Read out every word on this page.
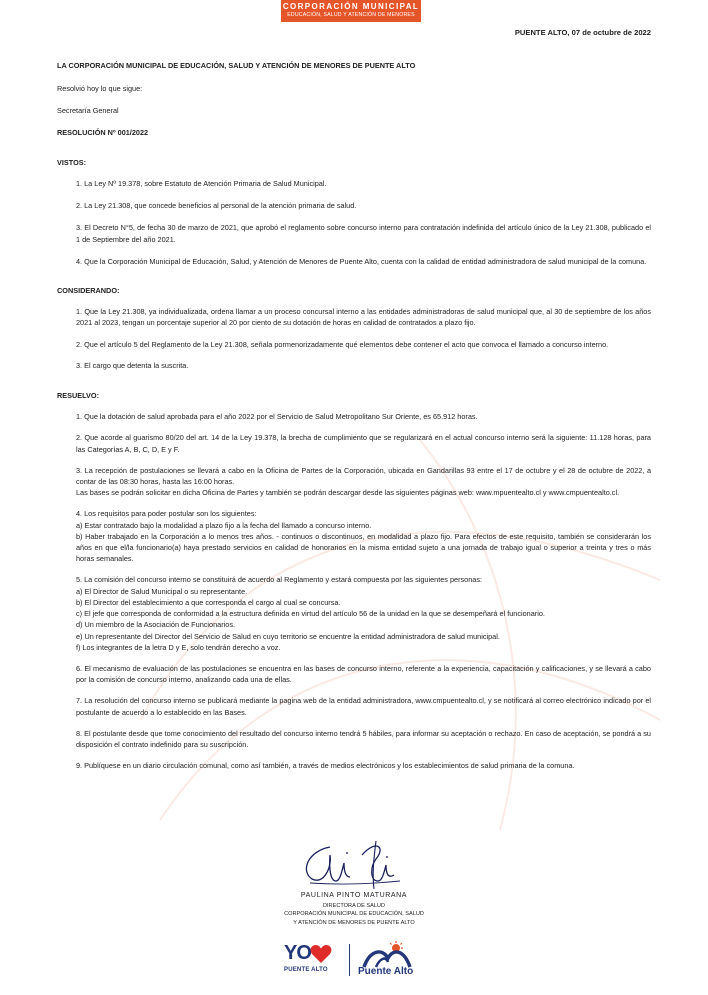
CORPORACIÓN MUNICIPAL
EDUCACIÓN, SALUD Y ATENCIÓN DE MENORES
PUENTE ALTO, 07 de octubre de 2022

LA CORPORACIÓN MUNICIPAL DE EDUCACIÓN, SALUD Y ATENCIÓN DE MENORES DE PUENTE ALTO

Resolvió hoy lo que sigue:

Secretaría General

RESOLUCIÓN Nº 001/2022

VISTOS:

1. La Ley Nº 19.378, sobre Estatuto de Atención Primaria de Salud Municipal.

2. La Ley 21.308, que concede beneficios al personal de la atención primaria de salud.

3. El Decreto N°5, de fecha 30 de marzo de 2021, que aprobó el reglamento sobre concurso interno para contratación indefinida del artículo único de la Ley 21.308, publicado el 1 de Septiembre del año 2021.

4. Que la Corporación Municipal de Educación, Salud, y Atención de Menores de Puente Alto, cuenta con la calidad de entidad administradora de salud municipal de la comuna.

CONSIDERANDO:

1. Que la Ley 21.308, ya individualizada, ordena llamar a un proceso concursal interno a las entidades administradoras de salud municipal que, al 30 de septiembre de los años 2021 al 2023, tengan un porcentaje superior al 20 por ciento de su dotación de horas en calidad de contratados a plazo fijo.

2. Que el artículo 5 del Reglamento de la Ley 21.308, señala pormenorizadamente qué elementos debe contener el acto que convoca el llamado a concurso interno.

3. El cargo que detenta la suscrita.

RESUELVO:

1. Que la dotación de salud aprobada para el año 2022 por el Servicio de Salud Metropolitano Sur Oriente, es 65.912 horas.

2. Que acorde al guarismo 80/20 del art. 14 de la Ley 19.378, la brecha de cumplimiento que se regularizará en el actual concurso interno será la siguiente: 11.128 horas, para las Categorías A, B, C, D, E y F.

3. La recepción de postulaciones se llevará a cabo en la Oficina de Partes de la Corporación, ubicada en Gandarillas 93 entre el 17 de octubre y el 28 de octubre de 2022, a contar de las 08:30 horas, hasta las 16:00 horas.

Las bases se podrán solicitar en dicha Oficina de Partes y también se podrán descargar desde las siguientes páginas web: www.mpuentealto.cl y www.cmpuentealto.cl.

4. Los requisitos para poder postular son los siguientes:

a) Estar contratado bajo la modalidad a plazo fijo a la fecha del llamado a concurso interno.

b) Haber trabajado en la Corporación a lo menos tres años. - continuos o discontinuos, en modalidad a plazo fijo. Para efectos de este requisito, también se considerarán los años en que el/la funcionario(a) haya prestado servicios en calidad de honorarios en la misma entidad sujeto a una jornada de trabajo igual o superior a treinta y tres o más horas semanales.

5. La comisión del concurso interno se constituirá de acuerdo al Reglamento y estará compuesta por las siguientes personas:

a) El Director de Salud Municipal o su representante.

b) El Director del establecimiento a que corresponda el cargo al cual se concursa.

c) El jefe que corresponda de conformidad a la estructura definida en virtud del artículo 56 de la unidad en la que se desempeñará el funcionario.

d) Un miembro de la Asociación de Funcionarios.

e) Un representante del Director del Servicio de Salud en cuyo territorio se encuentre la entidad administradora de salud municipal.

f) Los integrantes de la letra D y E, solo tendrán derecho a voz.

6. El mecanismo de evaluación de las postulaciones se encuentra en las bases de concurso interno, referente a la experiencia, capacitación y calificaciones, y se llevará a cabo por la comisión de concurso interno, analizando cada una de ellas.

7. La resolución del concurso interno se publicará mediante la pagina web de la entidad administradora, www.cmpuentealto.cl, y se notificará al correo electrónico indicado por el postulante de acuerdo a lo establecido en las Bases.

8. El postulante desde que tome conocimiento del resultado del concurso interno tendrá 5 hábiles, para informar su aceptación o rechazo. En caso de aceptación, se pondrá a su disposición el contrato indefinido para su suscripción.

9. Publíquese en un diario circulación comunal, como así también, a través de medios electrónicos y los establecimientos de salud primaria de la comuna.

PAULINA PINTO MATURANA
DIRECTORA DE SALUD
CORPORACIÓN MUNICIPAL DE EDUCACIÓN, SALUD
Y ATENCIÓN DE MENORES DE PUENTE ALTO
YO
PUENTE ALTO	Puente Alto
